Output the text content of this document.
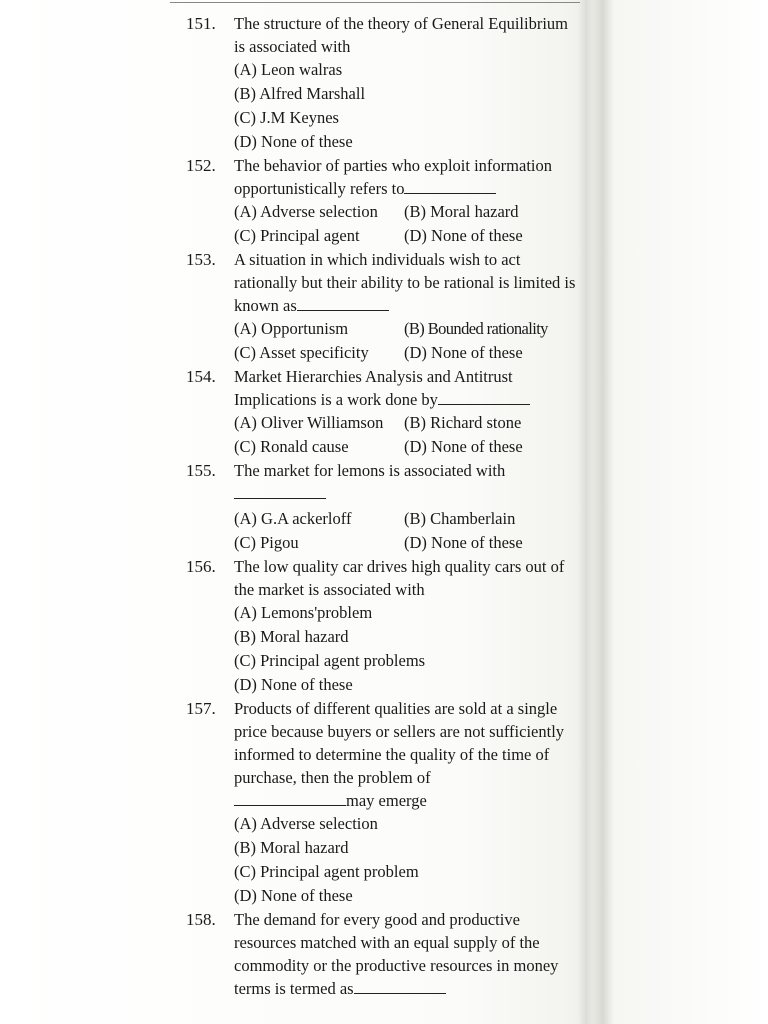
151.	The structure of the theory of General Equilibrium is associated with

(A) Leon walras
(B) Alfred Marshall
(C) J.M Keynes
(D) None of these
152.	The behavior of parties who exploit information opportunistically refers to

(A) Adverse selection	(B) Moral hazard
(C) Principal agent	(D) None of these
153.	A situation in which individuals wish to act rationally but their ability to be rational is limited is known as

(A) Opportunism	(B) Bounded rationality
(C) Asset specificity	(D) None of these
154.	Market Hierarchies Analysis and Antitrust Implications is a work done by

(A) Oliver Williamson	(B) Richard stone
(C) Ronald cause	(D) None of these
155.	The market for lemons is associated with

(A) G.A ackerloff	(B) Chamberlain
(C) Pigou	(D) None of these
156.	The low quality car drives high quality cars out of the market is associated with

(A) Lemons'problem
(B) Moral hazard
(C) Principal agent problems
(D) None of these
157.	Products of different qualities are sold at a single price because buyers or sellers are not sufficiently informed to determine the quality of the time of purchase, then the problem of
may emerge

(A) Adverse selection
(B) Moral hazard
(C) Principal agent problem
(D) None of these
158.	The demand for every good and productive resources matched with an equal supply of the commodity or the productive resources in money terms is termed as
